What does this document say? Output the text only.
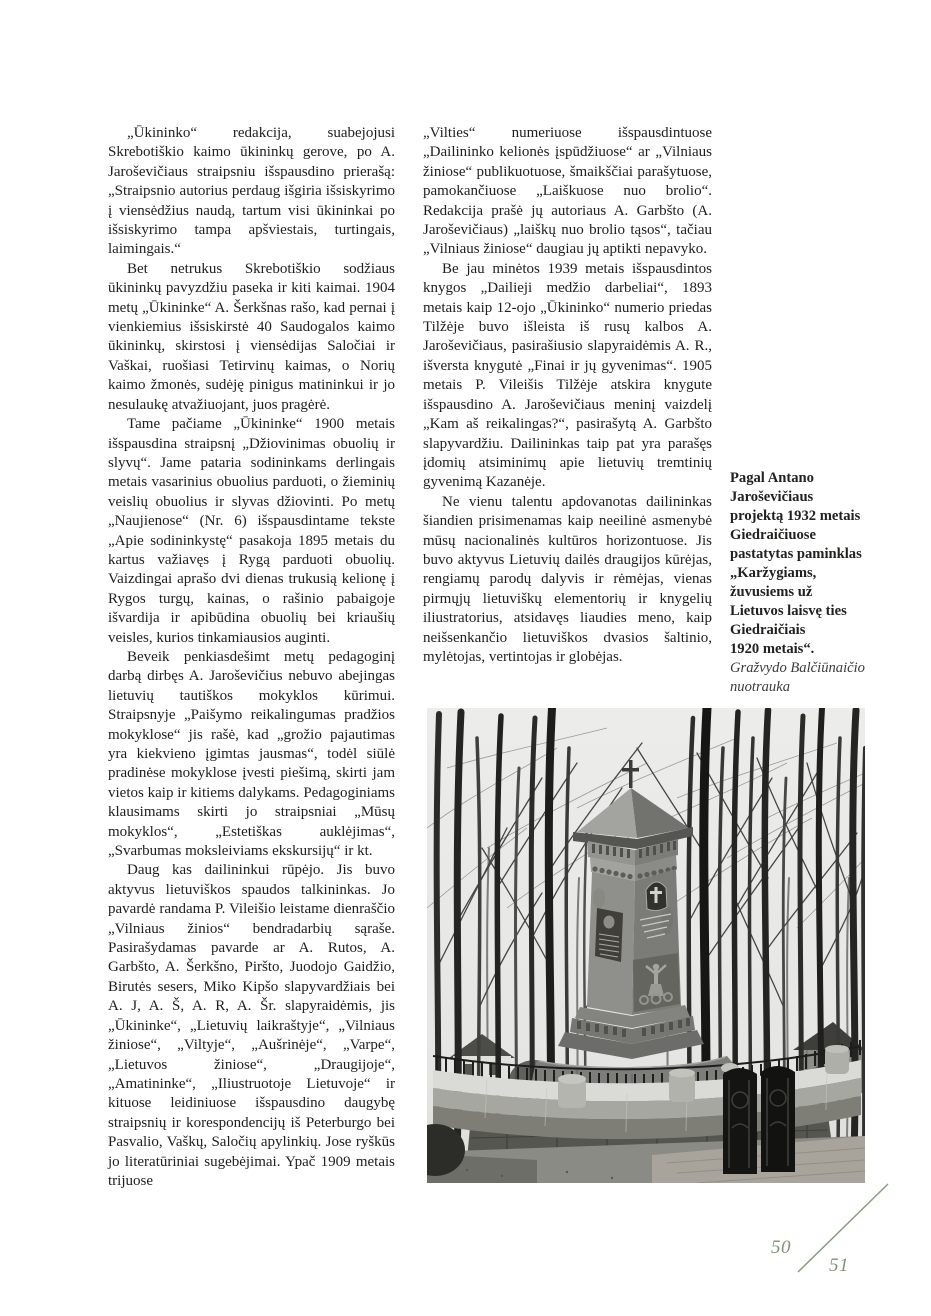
„Ūkininko“ redakcija, suabejojusi Skrebotiškio kaimo ūkininkų gerove, po A. Jaroševičiaus straipsniu išspausdino prierašą: „Straipsnio autorius perdaug išgiria išsiskyrimo į viensėdžius naudą, tartum visi ūkininkai po išsiskyrimo tampa apšviestais, turtingais, laimingais.“

Bet netrukus Skrebotiškio sodžiaus ūkininkų pavyzdžiu paseka ir kiti kaimai. 1904 metų „Ūkininke“ A. Šerkšnas rašo, kad pernai į vienkiemius išsiskirstė 40 Saudogalos kaimo ūkininkų, skirstosi į viensėdijas Saločiai ir Vaškai, ruošiasi Tetirvinų kaimas, o Norių kaimo žmonės, sudėję pinigus matininkui ir jo nesulaukę atvažiuojant, juos pragėrė.

Tame pačiame „Ūkininke“ 1900 metais išspausdina straipsnį „Džiovinimas obuolių ir slyvų“. Jame pataria sodininkams derlingais metais vasarinius obuolius parduoti, o žieminių veislių obuolius ir slyvas džiovinti. Po metų „Naujienose“ (Nr. 6) išspausdintame tekste „Apie sodininkystę“ pasakoja 1895 metais du kartus važiavęs į Rygą parduoti obuolių. Vaizdingai aprašo dvi dienas trukusią kelionę į Rygos turgų, kainas, o rašinio pabaigoje išvardija ir apibūdina obuolių bei kriaušių veisles, kurios tinkamiausios auginti.

Beveik penkiasdešimt metų pedagoginį darbą dirbęs A. Jaroševičius nebuvo abejingas lietuvių tautiškos mokyklos kūrimui. Straipsnyje „Paišymo reikalingumas pradžios mokyklose“ jis rašė, kad „grožio pajautimas yra kiekvieno įgimtas jausmas“, todėl siūlė pradinėse mokyklose įvesti piešimą, skirti jam vietos kaip ir kitiems dalykams. Pedagoginiams klausimams skirti jo straipsniai „Mūsų mokyklos“, „Estetiškas auklėjimas“, „Svarbumas moksleiviams ekskursijų“ ir kt.

Daug kas dailininkui rūpėjo. Jis buvo aktyvus lietuviškos spaudos talkininkas. Jo pavardė randama P. Vileišio leistame dienraščio „Vilniaus žinios“ bendradarbių sąraše. Pasirašydamas pavarde ar A. Rutos, A. Garbšto, A. Šerkšno, Piršto, Juodojo Gaidžio, Birutės sesers, Miko Kipšo slapyvardžiais bei A. J, A. Š, A. R, A. Šr. slapyraidėmis, jis „Ūkininke“, „Lietuvių laikraštyje“, „Vilniaus žiniose“, „Viltyje“, „Aušrinėje“, „Varpe“, „Lietuvos žiniose“, „Draugijoje“, „Amatininke“, „Iliustruotoje Lietuvoje“ ir kituose leidiniuose išspausdino daugybę straipsnių ir korespondencijų iš Peterburgo bei Pasvalio, Vaškų, Saločių apylinkių. Jose ryškūs jo literatūriniai sugebėjimai. Ypač 1909 metais trijuose

„Vilties“ numeriuose išspausdintuose „Dailininko kelionės įspūdžiuose“ ar „Vilniaus žiniose“ publikuotuose, šmaikščiai parašytuose, pamokančiuose „Laiškuose nuo brolio“. Redakcija prašė jų autoriaus A. Garbšto (A. Jaroševičiaus) „laiškų nuo brolio tąsos“, tačiau „Vilniaus žiniose“ daugiau jų aptikti nepavyko.

Be jau minėtos 1939 metais išspausdintos knygos „Dailieji medžio darbeliai“, 1893 metais kaip 12-ojo „Ūkininko“ numerio priedas Tilžėje buvo išleista iš rusų kalbos A. Jaroševičiaus, pasirašiusio slapyraidėmis A. R., išversta knygutė „Finai ir jų gyvenimas“. 1905 metais P. Vileišis Tilžėje atskira knygute išspausdino A. Jaroševičiaus meninį vaizdelį „Kam aš reikalingas?“, pasirašytą A. Garbšto slapyvardžiu. Dailininkas taip pat yra parašęs įdomių atsiminimų apie lietuvių tremtinių gyvenimą Kazanėje.

Ne vienu talentu apdovanotas dailininkas šiandien prisimenamas kaip neeilinė asmenybė mūsų nacionalinės kultūros horizontuose. Jis buvo aktyvus Lietuvių dailės draugijos kūrėjas, rengiamų parodų dalyvis ir rėmėjas, vienas pirmųjų lietuviškų elementorių ir knygelių iliustratorius, atsidavęs liaudies meno, kaip neišsenkančio lietuviškos dvasios šaltinio, mylėtojas, vertintojas ir globėjas.

Pagal Antano
Jaroševičiaus
projektą 1932 metais
Giedraičiuose
pastatytas paminklas
„Karžygiams,
žuvusiems už
Lietuvos laisvę ties
Giedraičiais
1920 metais“.
Gražvydo Balčiūnaičio
nuotrauka
50
51
